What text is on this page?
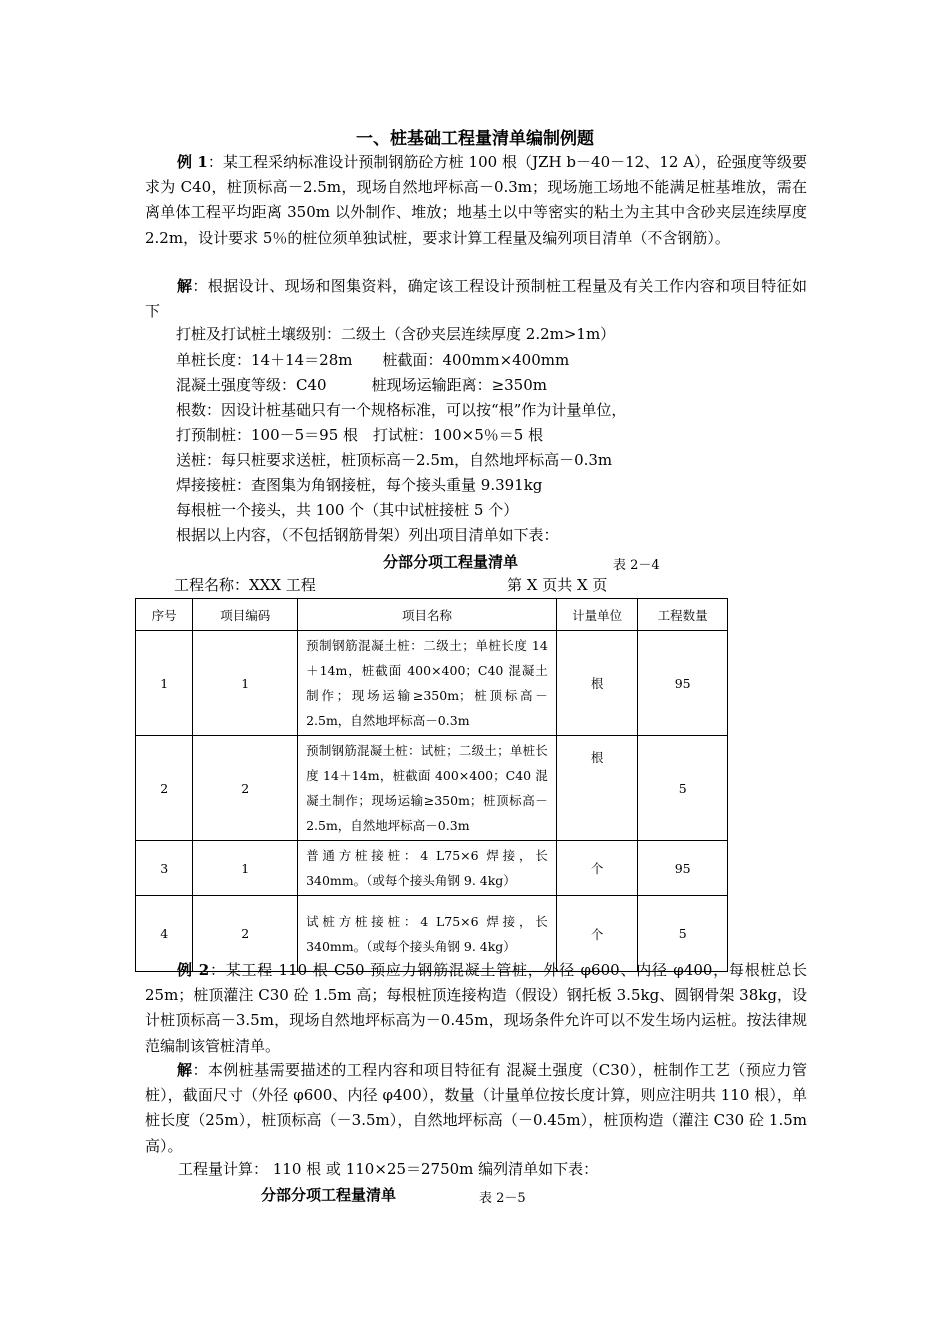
一、桩基础工程量清单编制例题

例 1：某工程采纳标准设计预制钢筋砼方桩 100 根（JZH b－40－12、12 A），砼强度等级要求为 C40，桩顶标高－2.5m，现场自然地坪标高－0.3m；现场施工场地不能满足桩基堆放，需在离单体工程平均距离 350m 以外制作、堆放；地基土以中等密实的粘土为主其中含砂夹层连续厚度 2.2m，设计要求 5％的桩位须单独试桩，要求计算工程量及编列项目清单（不含钢筋）。

解：根据设计、现场和图集资料，确定该工程设计预制桩工程量及有关工作内容和项目特征如下

打桩及打试桩土壤级别：二级土（含砂夹层连续厚度 2.2m>1m）

单桩长度：14＋14＝28m　　桩截面：400mm×400mm

混凝土强度等级：C40　　　桩现场运输距离：≥350m

根数：因设计桩基础只有一个规格标准，可以按“根”作为计量单位，

打预制桩：100－5＝95 根　打试桩：100×5％＝5 根

送桩：每只桩要求送桩，桩顶标高－2.5m，自然地坪标高－0.3m

焊接接桩：查图集为角钢接桩，每个接头重量 9.391kg

每根桩一个接头，共 100 个（其中试桩接桩 5 个）

根据以上内容，（不包括钢筋骨架）列出项目清单如下表：

分部分项工程量清单	表 2－4
工程名称：XXX 工程	第 X 页共 X 页
序号	项目编码	项目名称	计量单位	工程数量
1	1	预制钢筋混凝土桩：二级土；单桩长度 14＋14m，桩截面 400×400；C40 混凝土制作；现场运输≥350m；桩顶标高－2.5m，自然地坪标高－0.3m	根	95
2	2	预制钢筋混凝土桩：试桩；二级土；单桩长度 14＋14m，桩截面 400×400；C40 混凝土制作；现场运输≥350m；桩顶标高－2.5m，自然地坪标高－0.3m	根	5
3	1	普通方桩接桩：4 L75×6 焊接，长 340mm。（或每个接头角钢 9. 4kg）	个	95
4	2	试桩方桩接桩：4 L75×6 焊接，长 340mm。（或每个接头角钢 9. 4kg）	个	5

例 2：某工程 110 根 C50 预应力钢筋混凝土管桩，外径 φ600、内径 φ400，每根桩总长 25m；桩顶灌注 C30 砼 1.5m 高；每根桩顶连接构造（假设）钢托板 3.5kg、圆钢骨架 38kg，设计桩顶标高－3.5m，现场自然地坪标高为－0.45m，现场条件允许可以不发生场内运桩。按法律规范编制该管桩清单。

解：本例桩基需要描述的工程内容和项目特征有 混凝土强度（C30），桩制作工艺（预应力管桩），截面尺寸（外径 φ600、内径 φ400），数量（计量单位按长度计算，则应注明共 110 根），单桩长度（25m），桩顶标高（－3.5m），自然地坪标高（－0.45m），桩顶构造（灌注 C30 砼 1.5m 高）。

工程量计算： 110 根 或 110×25＝2750m 编列清单如下表：

分部分项工程量清单	表 2－5
